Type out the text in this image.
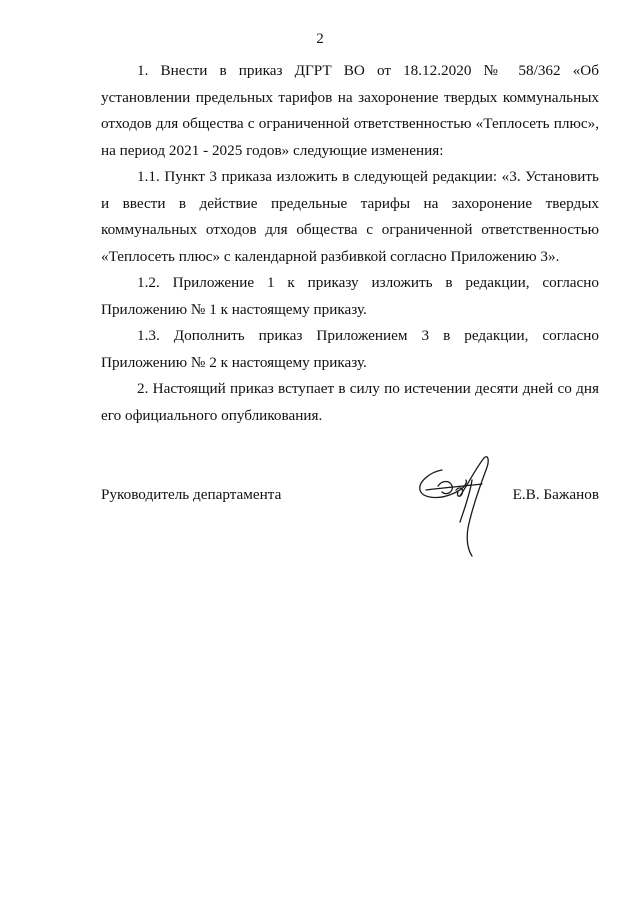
2

1. Внести в приказ ДГРТ ВО от 18.12.2020 № 58/362 «Об установлении предельных тарифов на захоронение твердых коммунальных отходов для общества с ограниченной ответственностью «Теплосеть плюс», на период 2021 - 2025 годов» следующие изменения:

1.1. Пункт 3 приказа изложить в следующей редакции: «3. Установить и ввести в действие предельные тарифы на захоронение твердых коммунальных отходов для общества с ограниченной ответственностью «Теплосеть плюс» с календарной разбивкой согласно Приложению 3».

1.2. Приложение 1 к приказу изложить в редакции, согласно Приложению № 1 к настоящему приказу.

1.3. Дополнить приказ Приложением 3 в редакции, согласно Приложению № 2 к настоящему приказу.

2. Настоящий приказ вступает в силу по истечении десяти дней со дня его официального опубликования.

Руководитель департамента	Е.В. Бажанов
